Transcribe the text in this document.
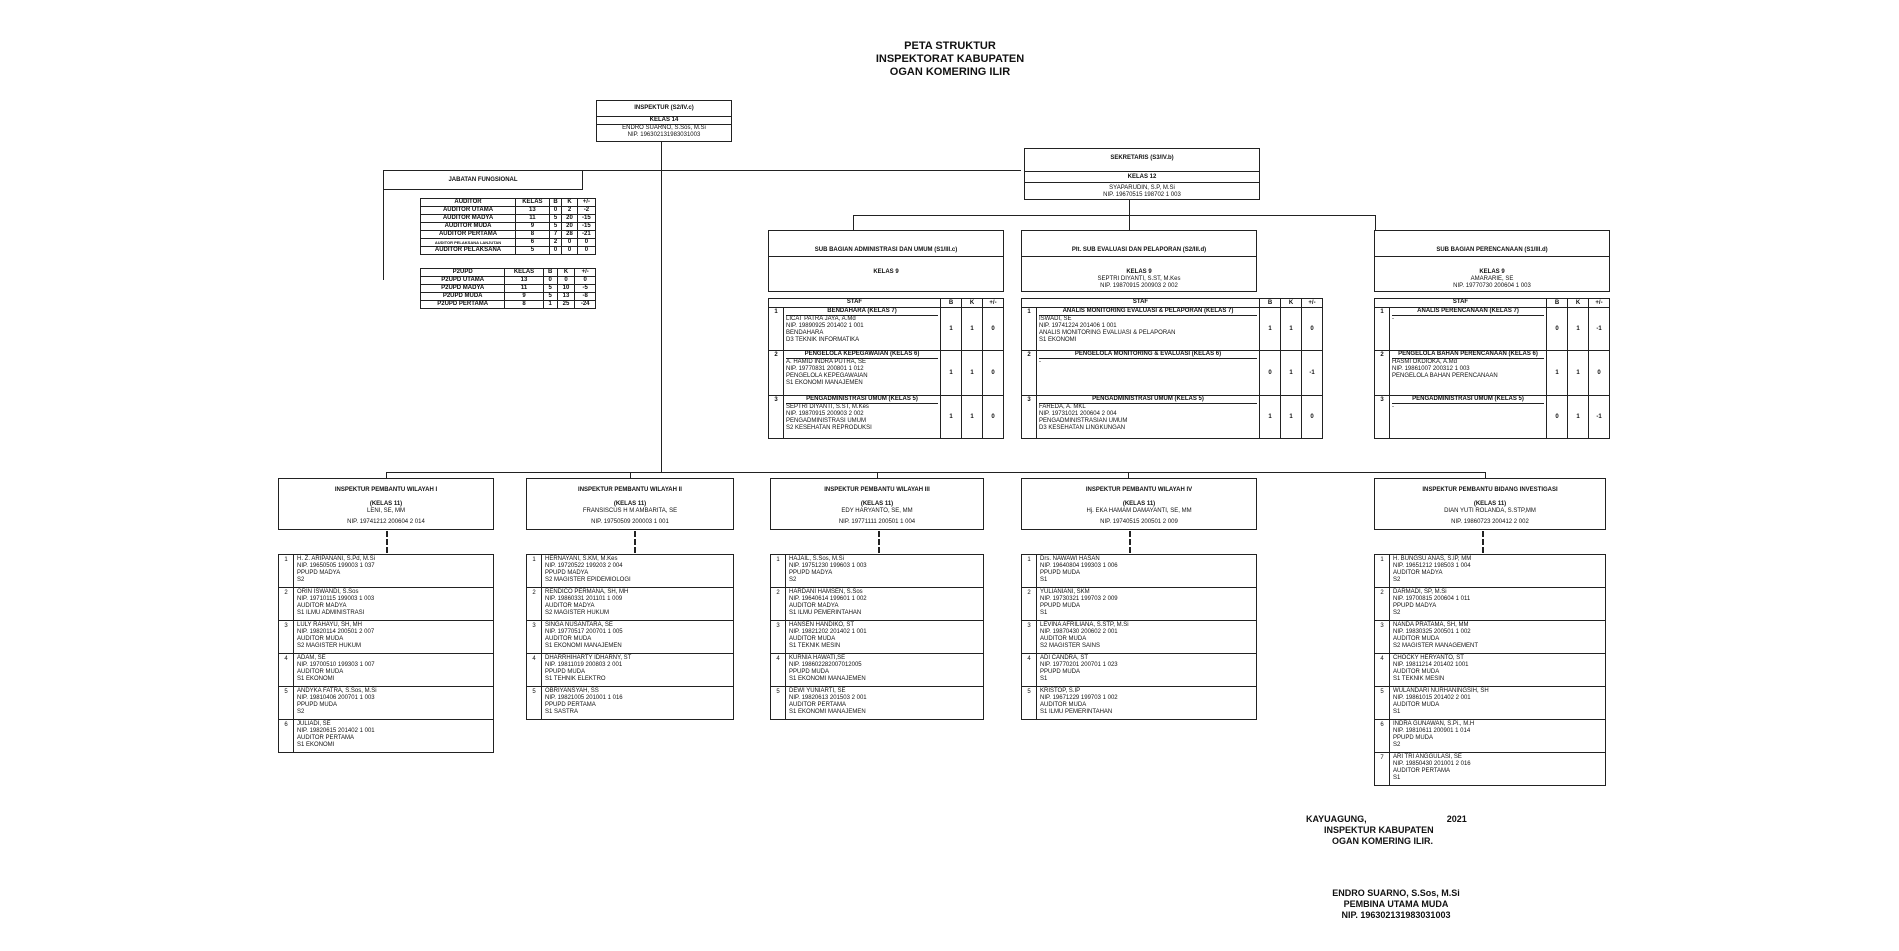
PETA STRUKTUR
INSPEKTORAT KABUPATEN
OGAN KOMERING ILIR
INSPEKTUR (S2/IV.c)
KELAS 14
ENDRO SUARNO, S.Sos, M.Si
NIP. 196302131983031003
SEKRETARIS (S3/IV.b)
KELAS 12
SYAPARUDIN, S.P, M.Si
NIP. 19670515 198702 1 003
JABATAN FUNGSIONAL
AUDITOR	KELAS	B	K	+/-
AUDITOR UTAMA	13	0	2	-2
AUDITOR MADYA	11	5	20	-15
AUDITOR MUDA	9	5	20	-15
AUDITOR PERTAMA	8	7	28	-21
AUDITOR PELAKSANA LANJUTAN	6	2	0	0
AUDITOR PELAKSANA	5	0	0	0
P2UPD	KELAS	B	K	+/-
P2UPD UTAMA	13	0	0	0
P2UPD MADYA	11	5	10	-5
P2UPD MUDA	9	5	13	-8
P2UPD PERTAMA	8	1	25	-24
SUB BAGIAN ADMINISTRASI DAN UMUM (S1/III.c)
KELAS 9
STAF	B	K	+/-
1	BENDAHARA (KELAS 7)
LICAT PATRA JAYA, A.Md
NIP. 19890925 201402 1 001
BENDAHARA
D3 TEKNIK INFORMATIKA
1	1	0
2	PENGELOLA KEPEGAWAIAN (KELAS 6)
A. HAMID INDRA PUTRA, SE
NIP. 19770831 200801 1 012
PENGELOLA KEPEGAWAIAN
S1 EKONOMI MANAJEMEN
1	1	0
3	PENGADMINISTRASI UMUM (KELAS 5)
SEPTRI DIYANTI, S.ST, M.Kes
NIP. 19870915 200903 2 002
PENGADMINISTRASI UMUM
S2 KESEHATAN REPRODUKSI
1	1	0
Plt. SUB EVALUASI DAN PELAPORAN (S2/III.d)
KELAS 9
SEPTRI DIYANTI, S.ST, M.Kes
NIP. 19870915 200903 2 002
STAF	B	K	+/-
1	ANALIS MONITORING EVALUASI & PELAPORAN (KELAS 7)
ISWADI, SE
NIP. 19741224 201406 1 001
ANALIS MONITORING EVALUASI & PELAPORAN
S1 EKONOMI
1	1	0
2	PENGELOLA MONITORING & EVALUASI (KELAS 6)
-
0	1	-1
3	PENGADMINISTRASI UMUM (KELAS 5)
FAREDA, A. MKL
NIP. 19731021 200604 2 004
PENGADMINISTRASIAN UMUM
D3 KESEHATAN LINGKUNGAN
1	1	0
SUB BAGIAN PERENCANAAN (S1/III.d)
KELAS 9
AMARARIE, SE
NIP. 19770730 200604 1 003
STAF	B	K	+/-
1	ANALIS PERENCANAAN (KELAS 7)
-
0	1	-1
2	PENGELOLA BAHAN PERENCANAAN (KELAS 6)
HASMI OKDIOKA, A.Md
NIP. 19861007 200312 1 003
PENGELOLA BAHAN PERENCANAAN
1	1	0
3	PENGADMINISTRASI UMUM (KELAS 5)
-
0	1	-1
INSPEKTUR PEMBANTU WILAYAH I
(KELAS 11)
LENI, SE, MM
NIP. 19741212 200604 2 014
1	H. Z. ARIPANANI, S.Pd, M.Si
NIP. 19650505 199003 1 037
PPUPD MADYA
S2
2	ORIN ISWANDI, S.Sos
NIP. 19710115 199003 1 003
AUDITOR MADYA
S1 ILMU ADMINISTRASI
3	LULY RAHAYU, SH, MH
NIP. 19820114 200501 2 007
AUDITOR MUDA
S2 MAGISTER HUKUM
4	ADAM, SE
NIP. 19700510 199303 1 007
AUDITOR MUDA
S1 EKONOMI
5	ANDYKA FATRA, S.Sos, M.Si
NIP. 19810406 200701 1 003
PPUPD MUDA
S2
6	JULIADI, SE
NIP. 19820615 201402 1 001
AUDITOR PERTAMA
S1 EKONOMI
INSPEKTUR PEMBANTU WILAYAH II
(KELAS 11)
FRANSISCUS H M AMBARITA, SE
NIP. 19750509 200003 1 001
1	HERNAYANI, S.KM, M.Kes
NIP. 19720522 199203 2 004
PPUPD MADYA
S2 MAGISTER EPIDEMIOLOGI
2	RENDICO PERMANA, SH, MH
NIP. 19860331 201101 1 009
AUDITOR MADYA
S2 MAGISTER HUKUM
3	SINGA NUSANTARA, SE
NIP. 19770517 200701 1 005
AUDITOR MUDA
S1 EKONOMI MANAJEMEN
4	DHARRHIHARTY IDHARNY, ST
NIP. 19811019 200803 2 001
PPUPD MUDA
S1 TEHNIK ELEKTRO
5	OBRIYANSYAH, SS
NIP. 19821005 201001 1 016
PPUPD PERTAMA
S1 SASTRA
INSPEKTUR PEMBANTU WILAYAH III
(KELAS 11)
EDY HARYANTO, SE, MM
NIP. 19771111 200501 1 004
1	HAJAIL, S.Sos, M.Si
NIP. 19751230 199603 1 003
PPUPD MADYA
S2
2	HARDANI HAMSEN, S.Sos
NIP. 19640614 199601 1 002
AUDITOR MADYA
S1 ILMU PEMERINTAHAN
3	HANSEN HANDIKO, ST
NIP. 19821202 201402 1 001
AUDITOR MUDA
S1 TEKNIK MESIN
4	KURNIA HAWATI,SE
NIP. 198602282007012005
PPUPD MUDA
S1 EKONOMI MANAJEMEN
5	DEWI YUNIARTI, SE
NIP. 19820613 201503 2 001
AUDITOR PERTAMA
S1 EKONOMI MANAJEMEN
INSPEKTUR PEMBANTU WILAYAH IV
(KELAS 11)
Hj. EKA HAMAM DAMAYANTI, SE, MM
NIP. 19740515 200501 2 009
1	Drs. NAWAWI HASAN
NIP. 19640804 199303 1 006
PPUPD MUDA
S1
2	YULIANIANI, SKM
NIP. 19730321 199703 2 009
PPUPD MUDA
S1
3	LEVINA AFRILIANA, S.STP, M.Si
NIP. 19870430 200602 2 001
AUDITOR MUDA
S2 MAGISTER SAINS
4	ADI CANDRA, ST
NIP. 19770201 200701 1 023
PPUPD MUDA
S1
5	KRISTOP, S.IP
NIP. 19671229 199703 1 002
AUDITOR MUDA
S1 ILMU PEMERINTAHAN
INSPEKTUR PEMBANTU BIDANG INVESTIGASI
(KELAS 11)
DIAN YUTI ROLANDA, S.STP,MM
NIP. 19860723 200412 2 002
1	H. BUNGSU ANAS, S.IP, MM
NIP. 19651212 198503 1 004
AUDITOR MADYA
S2
2	DARMADI, SP, M.Si
NIP. 19700815 200604 1 011
PPUPD MADYA
S2
3	NANDA PRATAMA, SH, MM
NIP. 19830325 200501 1 002
AUDITOR MUDA
S2 MAGISTER MANAGEMENT
4	CHOCKY HERYANTO, ST
NIP. 19811214 201402 1001
AUDITOR MUDA
S1 TEKNIK MESIN
5	WULANDARI NURHANINGSIH, SH
NIP. 19861015 201402 2 001
AUDITOR MUDA
S1
6	INDRA GUNAWAN, S.Pi., M.H
NIP. 19810611 200901 1 014
PPUPD MUDA
S2
7	ARI TRI ANGGULASI, SE
NIP. 19850430 201001 2 016
AUDITOR PERTAMA
S1
KAYUAGUNG,	2021
INSPEKTUR KABUPATEN
OGAN KOMERING ILIR.
ENDRO SUARNO, S.Sos, M.Si
PEMBINA UTAMA MUDA
NIP. 196302131983031003
